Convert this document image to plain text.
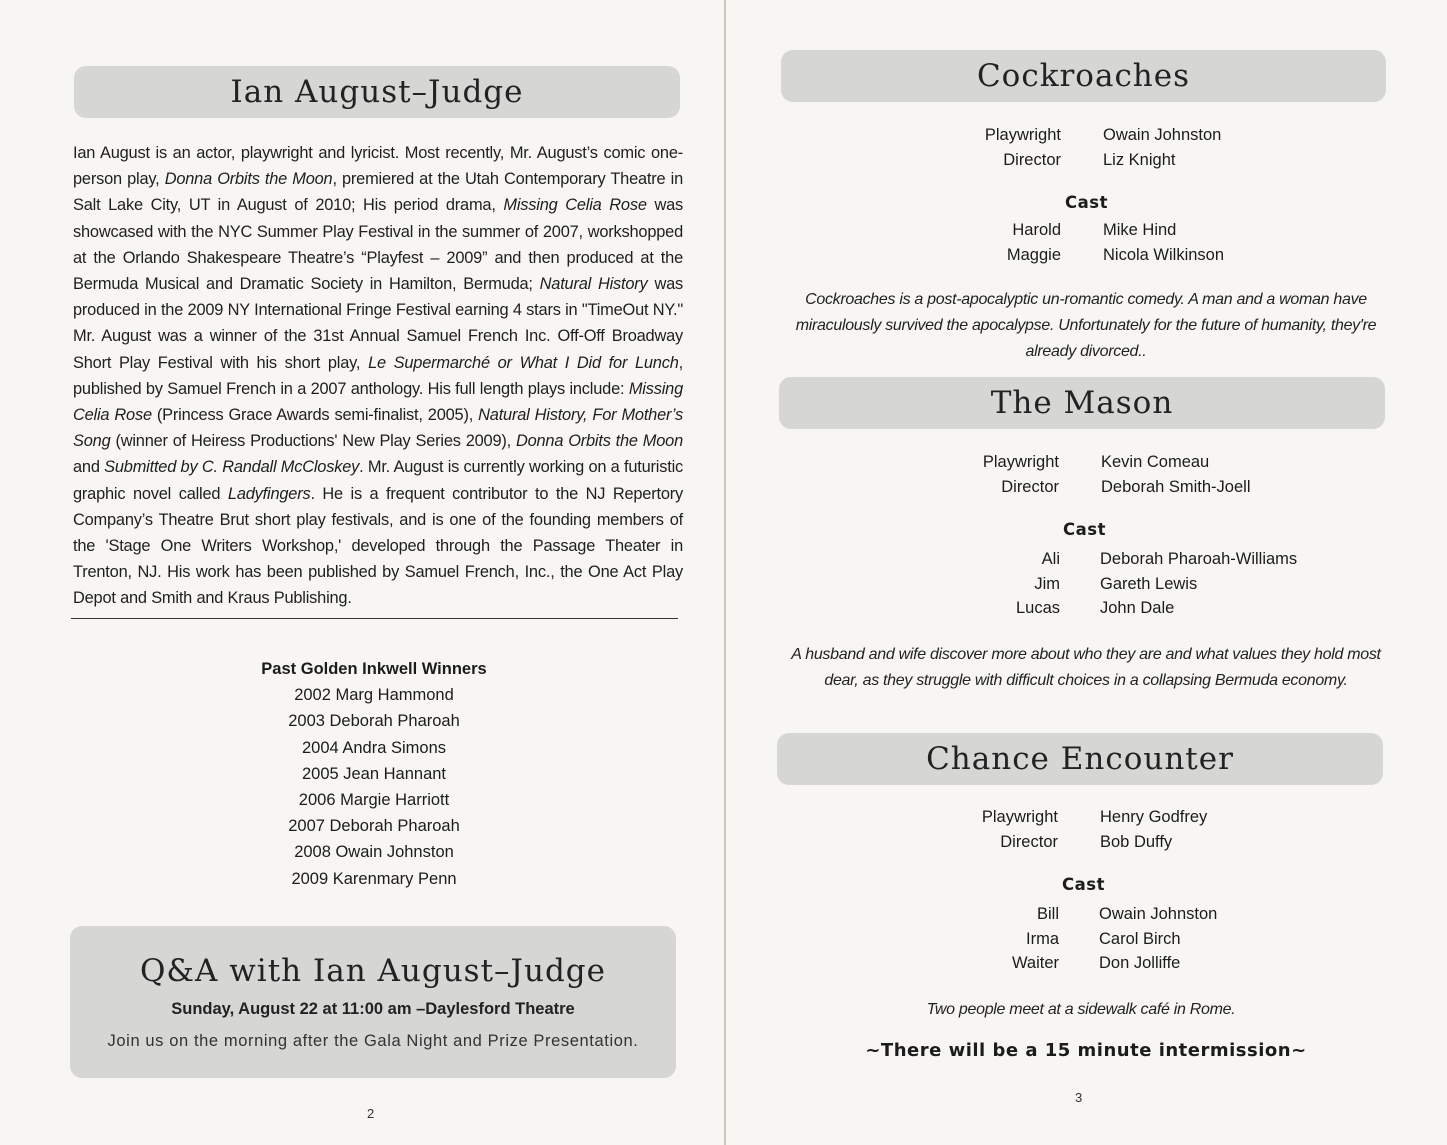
Ian August–Judge
Ian August is an actor, playwright and lyricist. Most recently, Mr. August’s comic one-person play, Donna Orbits the Moon, premiered at the Utah Contemporary Theatre in Salt Lake City, UT in August of 2010; His period drama, Missing Celia Rose was showcased with the NYC Summer Play Festival in the summer of 2007, workshopped at the Orlando Shakespeare Theatre’s “Playfest – 2009” and then produced at the Bermuda Musical and Dramatic Society in Hamilton, Bermuda; Natural History was produced in the 2009 NY International Fringe Festival earning 4 stars in "TimeOut NY." Mr. August was a winner of the 31st Annual Samuel French Inc. Off-Off Broadway Short Play Festival with his short play, Le Supermarché or What I Did for Lunch, published by Samuel French in a 2007 anthology. His full length plays include: Missing Celia Rose (Princess Grace Awards semi-finalist, 2005), Natural History, For Mother’s Song (winner of Heiress Productions' New Play Series 2009), Donna Orbits the Moon and Submitted by C. Randall McCloskey. Mr. August is currently working on a futuristic graphic novel called Ladyfingers. He is a frequent contributor to the NJ Repertory Company’s Theatre Brut short play festivals, and is one of the founding members of the 'Stage One Writers Workshop,' developed through the Passage Theater in Trenton, NJ. His work has been published by Samuel French, Inc., the One Act Play Depot and Smith and Kraus Publishing.
Past Golden Inkwell Winners
2002 Marg Hammond
2003 Deborah Pharoah
2004 Andra Simons
2005 Jean Hannant
2006 Margie Harriott
2007 Deborah Pharoah
2008 Owain Johnston
2009 Karenmary Penn
Q&A with Ian August–Judge
Sunday, August 22 at 11:00 am –Daylesford Theatre
Join us on the morning after the Gala Night and Prize Presentation.
2
Cockroaches
Playwright	Owain Johnston
Director	Liz Knight
Cast
Harold	Mike Hind
Maggie	Nicola Wilkinson
Cockroaches is a post-apocalyptic un-romantic comedy. A man and a woman have miraculously survived the apocalypse. Unfortunately for the future of humanity, they're already divorced..
The Mason
Playwright	Kevin Comeau
Director	Deborah Smith-Joell
Cast
Ali Deborah Pharoah-Williams
Jim Gareth Lewis
Lucas John Dale
A husband and wife discover more about who they are and what values they hold most dear, as they struggle with difficult choices in a collapsing Bermuda economy.
Chance Encounter
Playwright	Henry Godfrey
Director	Bob Duffy
Cast
Bill Owain Johnston
Irma Carol Birch
Waiter Don Jolliffe
Two people meet at a sidewalk café in Rome.
~There will be a 15 minute intermission~
3
